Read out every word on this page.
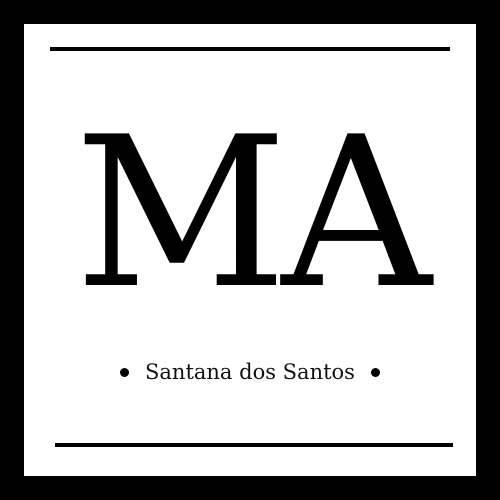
MA
Santana dos Santos
